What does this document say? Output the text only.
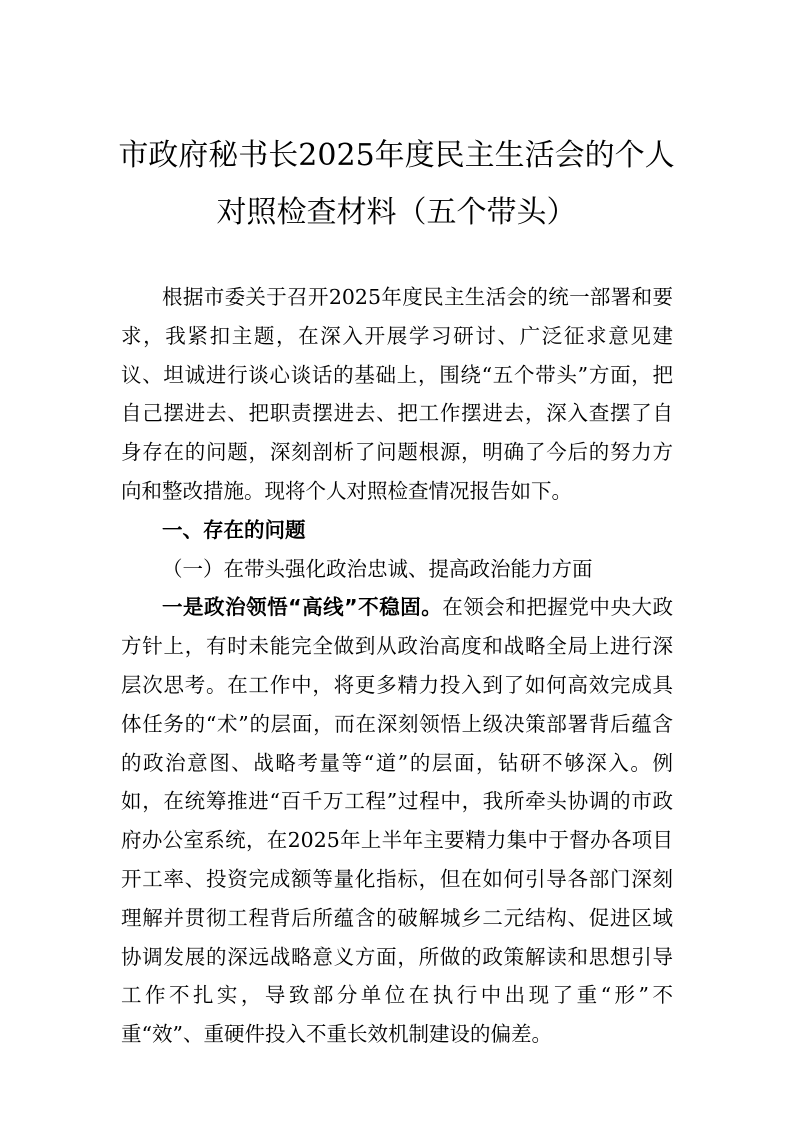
市政府秘书长2025年度民主生活会的个人
对照检查材料（五个带头）

根据市委关于召开2025年度民主生活会的统一部署和要求，我紧扣主题，在深入开展学习研讨、广泛征求意见建议、坦诚进行谈心谈话的基础上，围绕“五个带头”方面，把自己摆进去、把职责摆进去、把工作摆进去，深入查摆了自身存在的问题，深刻剖析了问题根源，明确了今后的努力方向和整改措施。现将个人对照检查情况报告如下。

一、存在的问题

（一）在带头强化政治忠诚、提高政治能力方面

一是政治领悟“高线”不稳固。在领会和把握党中央大政方针上，有时未能完全做到从政治高度和战略全局上进行深层次思考。在工作中，将更多精力投入到了如何高效完成具体任务的“术”的层面，而在深刻领悟上级决策部署背后蕴含的政治意图、战略考量等“道”的层面，钻研不够深入。例如，在统筹推进“百千万工程”过程中，我所牵头协调的市政府办公室系统，在2025年上半年主要精力集中于督办各项目开工率、投资完成额等量化指标，但在如何引导各部门深刻理解并贯彻工程背后所蕴含的破解城乡二元结构、促进区域协调发展的深远战略意义方面，所做的政策解读和思想引导工作不扎实，导致部分单位在执行中出现了重“形”不重“效”、重硬件投入不重长效机制建设的偏差。
